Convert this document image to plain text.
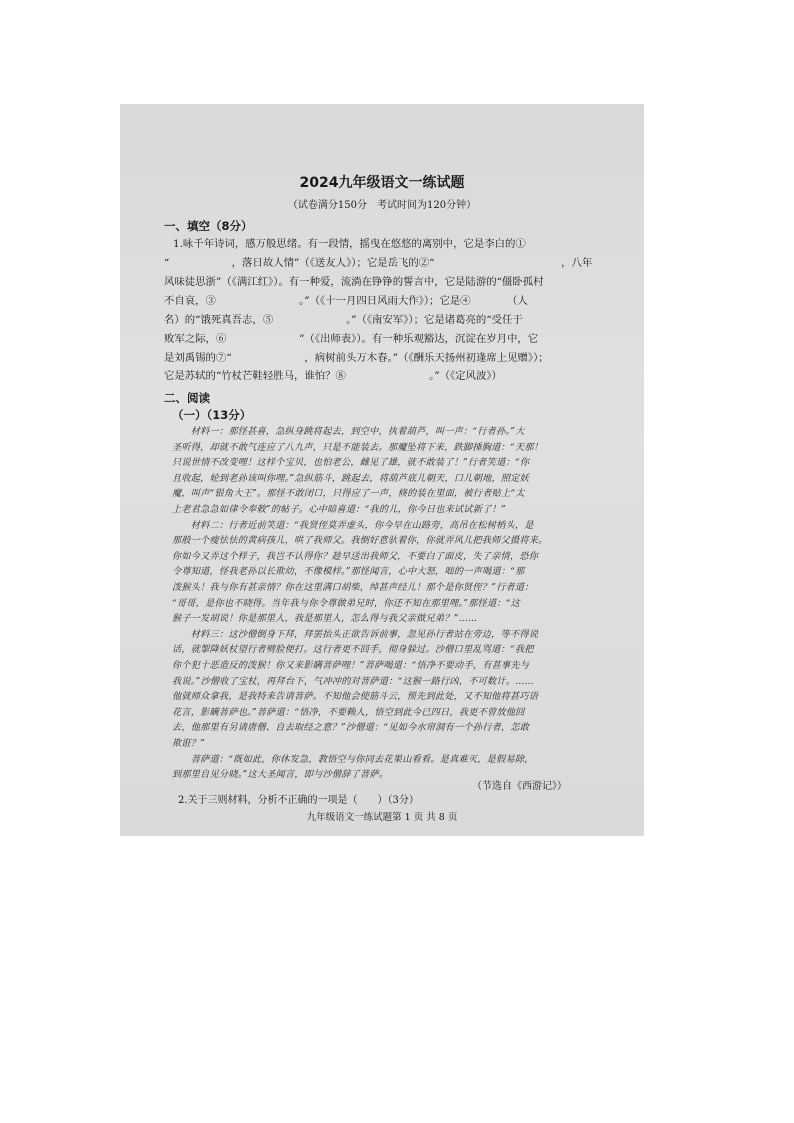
2024九年级语文一练试题
（试卷满分150分　考试时间为120分钟）
一、填空（8分）
1.咏千年诗词，感万般思绪。有一段情，摇曳在悠悠的离别中，它是李白的①
“　　　　　　，落日故人情”（《送友人》）；它是岳飞的②“	　　　　　　　　，八年
风味徒思浙”（《满江红》）。有一种爱，流淌在铮铮的誓言中，它是陆游的“僵卧孤村
不自哀，③　　　　　　　　。”（《十一月四日风雨大作》）；它是④　　　　（人
名）的“饿死真吾志，⑤　　　　　　　。”（《南安军》）；它是诸葛亮的“受任于
败军之际，⑥　　　　　　　”（《出师表》）。有一种乐观豁达，沉淀在岁月中，它
是刘禹锡的⑦“　　　　　　　，病树前头万木春。”（《酬乐天扬州初逢席上见赠》）；
它是苏轼的“竹杖芒鞋轻胜马，谁怕？⑧　　　　　　　　。”（《定风波》）
二、阅读
（一）（13分）
　　材料一：那怪甚喜，急纵身跳将起去，到空中，执着葫芦，叫一声：“行者孙。”大
圣听得，却就不敢气连应了八九声，只是不能装去。那魔坠将下来，跌脚捶胸道：“天那！
只说世情不改变哩！这样个宝贝，也怕老公，雌见了雄，就不敢装了！”行者笑道：“你
且收起，轮到老孙该叫你哩。”急纵筋斗，跳起去，将葫芦底儿朝天，口儿朝地，照定妖
魔，叫声“银角大王”。那怪不敢闭口，只得应了一声，倏的装在里面，被行者贴上“太
上老君急急如律令奉敕”的帖子。心中暗喜道：“我的儿，你今日也来试试新了！”
　　材料二：行者近前笑道：“我贤侄莫弄虚头，你今早在山路旁，高吊在松树梢头，是
那般一个瘦怯怯的黄病孩儿，哄了我师父。我倒好意驮着你，你就弄风儿把我师父摄将来。
你如今又弄这个样子，我岂不认得你？趁早送出我师父，不要白了面皮，失了亲情，恐你
令尊知道，怪我老孙以长欺幼，不像模样。”那怪闻言，心中大怒，咄的一声喝道：“那
泼猴头！我与你有甚亲情？你在这里满口胡柴，绰甚声经儿！那个是你贤侄？”行者道：
“哥哥，是你也不晓得。当年我与你令尊做弟兄时，你还不知在那里哩。”那怪道：“这
猴子一发胡说！你是那里人，我是那里人，怎么得与我父亲做兄弟？”……
　　材料三：这沙僧倒身下拜，拜罢抬头正欲告诉前事，忽见孙行者站在旁边，等不得说
话，就掣降妖杖望行者劈脸便打。这行者更不回手，彻身躲过。沙僧口里乱骂道：“我把
你个犯十恶造反的泼猴！你又来影瞒菩萨哩！”菩萨喝道：“悟净不要动手，有甚事先与
我说。”沙僧收了宝杖，再拜台下，气冲冲的对菩萨道：“这猴一路行凶，不可数计。……
他就师众拿我，是我特来告请菩萨。不知他会使筋斗云，预先到此处，又不知他将甚巧语
花言，影瞒菩萨也。”菩萨道：“悟净，不要赖人，悟空到此今已四日，我更不曾放他回
去，他那里有另请唐僧、自去取经之意？”沙僧道：“见如今水帘洞有一个孙行者，怎敢
欺诳？”
　　菩萨道：“既如此，你休发急，教悟空与你同去花果山看看。是真难灭，是假易除，
到那里自见分晓。”这大圣闻言，即与沙僧辞了菩萨。
（节选自《西游记》）
2.关于三则材料，分析不正确的一项是（　　）（3分）
九年级语文一练试题第 1 页 共 8 页
